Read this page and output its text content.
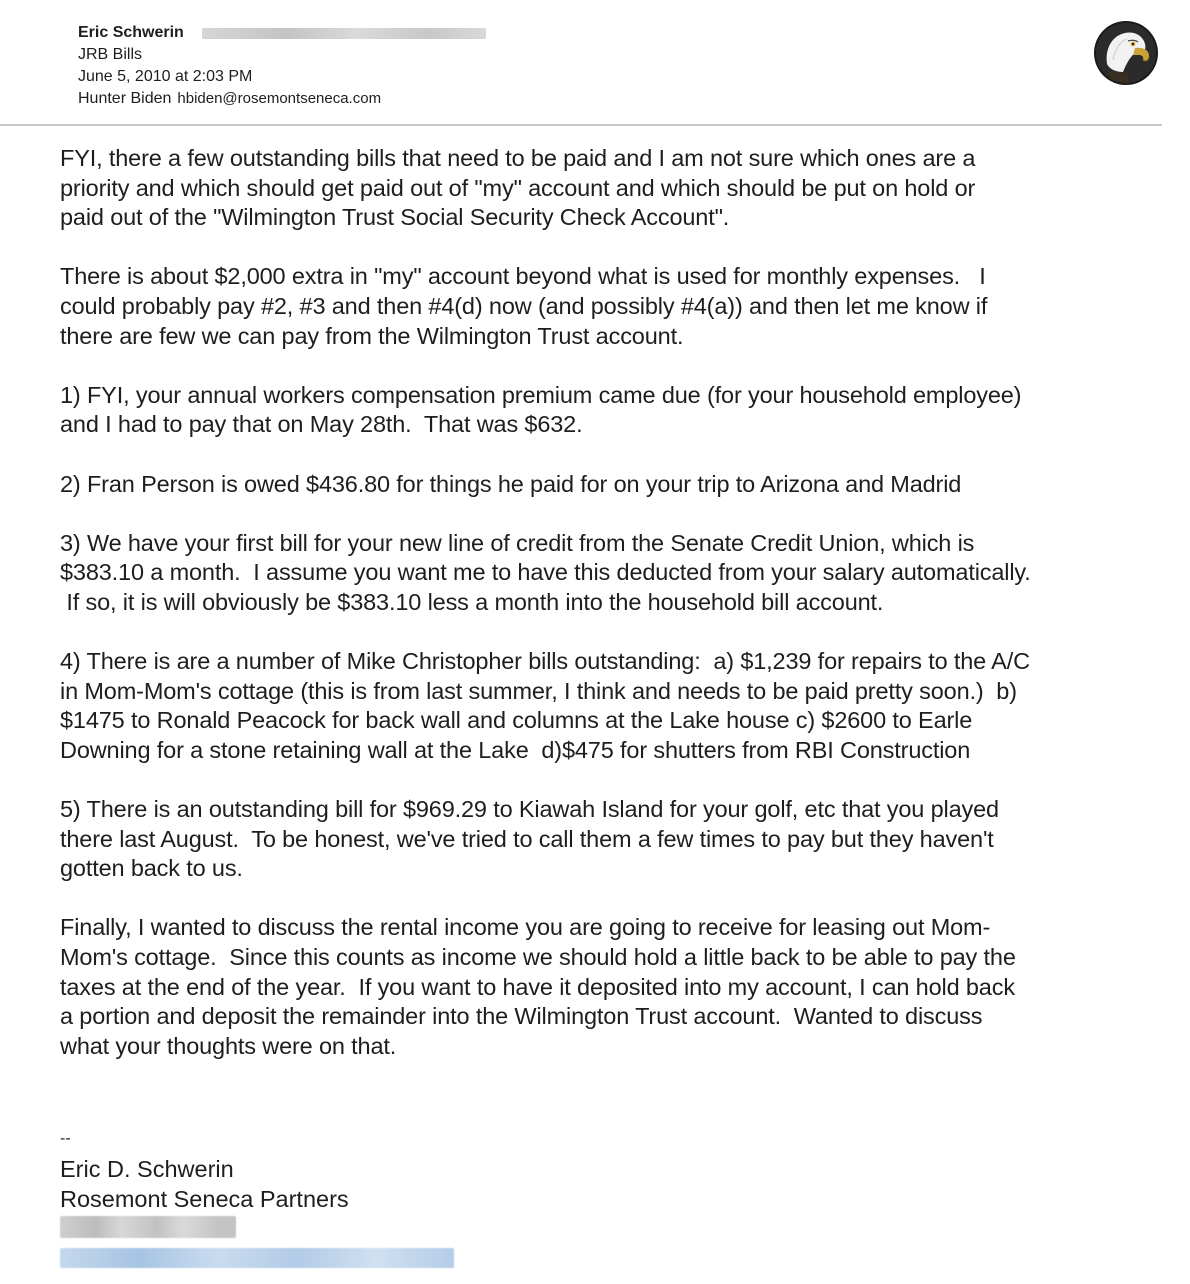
Eric Schwerin
JRB Bills
June 5, 2010 at 2:03 PM
Hunter Biden hbiden@rosemontseneca.com
FYI, there a few outstanding bills that need to be paid and I am not sure which ones are a
priority and which should get paid out of "my" account and which should be put on hold or
paid out of the "Wilmington Trust Social Security Check Account".
There is about $2,000 extra in "my" account beyond what is used for monthly expenses.   I
could probably pay #2, #3 and then #4(d) now (and possibly #4(a)) and then let me know if
there are few we can pay from the Wilmington Trust account.
1) FYI, your annual workers compensation premium came due (for your household employee)
and I had to pay that on May 28th.  That was $632.
2) Fran Person is owed $436.80 for things he paid for on your trip to Arizona and Madrid
3) We have your first bill for your new line of credit from the Senate Credit Union, which is
$383.10 a month.  I assume you want me to have this deducted from your salary automatically.
If so, it is will obviously be $383.10 less a month into the household bill account.
4) There is are a number of Mike Christopher bills outstanding:  a) $1,239 for repairs to the A/C
in Mom-Mom's cottage (this is from last summer, I think and needs to be paid pretty soon.)  b)
$1475 to Ronald Peacock for back wall and columns at the Lake house c) $2600 to Earle
Downing for a stone retaining wall at the Lake  d)$475 for shutters from RBI Construction
5) There is an outstanding bill for $969.29 to Kiawah Island for your golf, etc that you played
there last August.  To be honest, we've tried to call them a few times to pay but they haven't
gotten back to us.
Finally, I wanted to discuss the rental income you are going to receive for leasing out Mom-
Mom's cottage.  Since this counts as income we should hold a little back to be able to pay the
taxes at the end of the year.  If you want to have it deposited into my account, I can hold back
a portion and deposit the remainder into the Wilmington Trust account.  Wanted to discuss
what your thoughts were on that.
--
Eric D. Schwerin
Rosemont Seneca Partners
